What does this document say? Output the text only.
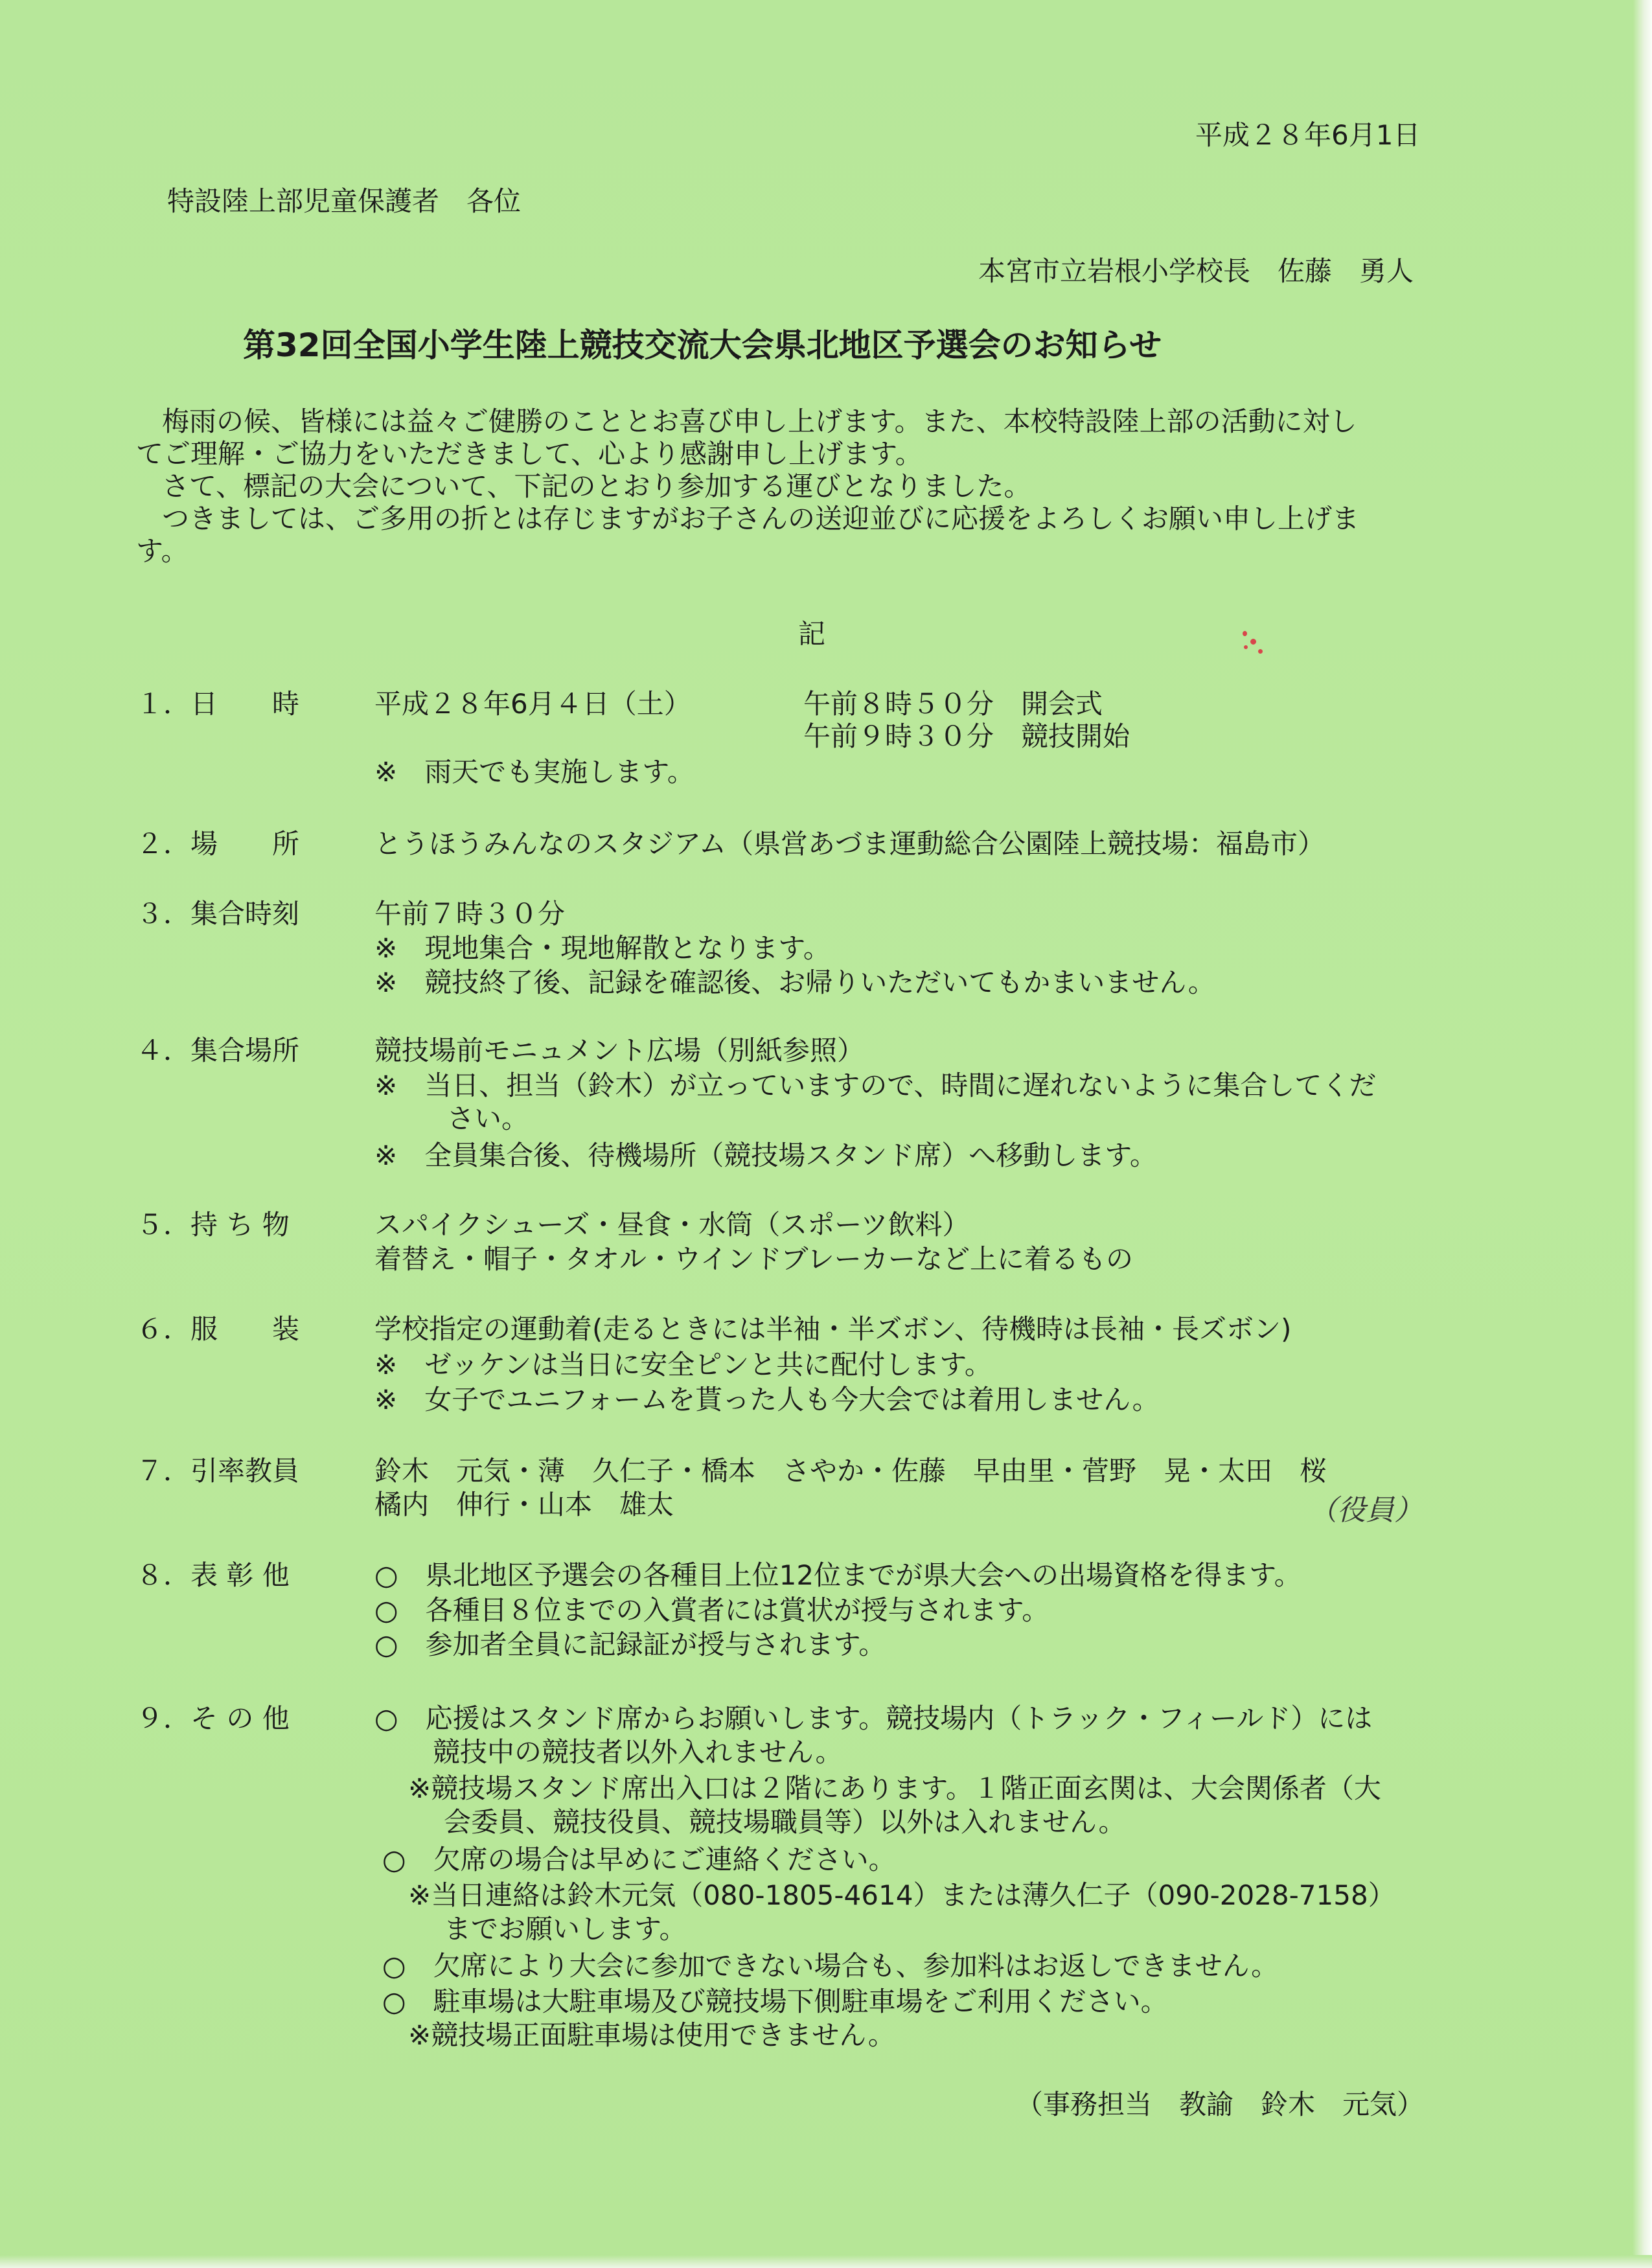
平成２８年6月1日
特設陸上部児童保護者　各位
本宮市立岩根小学校長　佐藤　勇人
第32回全国小学生陸上競技交流大会県北地区予選会のお知らせ
梅雨の候、皆様には益々ご健勝のこととお喜び申し上げます。また、本校特設陸上部の活動に対し
てご理解・ご協力をいただきまして、心より感謝申し上げます。
さて、標記の大会について、下記のとおり参加する運びとなりました。
つきましては、ご多用の折とは存じますがお子さんの送迎並びに応援をよろしくお願い申し上げま
す。
記
１．日　　時	平成２８年6月４日（土）	午前８時５０分　開会式
午前９時３０分　競技開始
※　雨天でも実施します。
２．場　　所	とうほうみんなのスタジアム（県営あづま運動総合公園陸上競技場：福島市）
３．集合時刻	午前７時３０分
※　現地集合・現地解散となります。
※　競技終了後、記録を確認後、お帰りいただいてもかまいません。
４．集合場所	競技場前モニュメント広場（別紙参照）
※　当日、担当（鈴木）が立っていますので、時間に遅れないように集合してくだ
さい。
※　全員集合後、待機場所（競技場スタンド席）へ移動します。
５．持 ち 物	スパイクシューズ・昼食・水筒（スポーツ飲料）
着替え・帽子・タオル・ウインドブレーカーなど上に着るもの
６．服　　装	学校指定の運動着(走るときには半袖・半ズボン、待機時は長袖・長ズボン)
※　ゼッケンは当日に安全ピンと共に配付します。
※　女子でユニフォームを貰った人も今大会では着用しません。
７．引率教員	鈴木　元気・薄　久仁子・橋本　さやか・佐藤　早由里・菅野　晃・太田　桜
橘内　伸行・山本　雄太	（役員）
８．表 彰 他	○　県北地区予選会の各種目上位12位までが県大会への出場資格を得ます。
○　各種目８位までの入賞者には賞状が授与されます。
○　参加者全員に記録証が授与されます。
９．そ の 他	○　応援はスタンド席からお願いします。競技場内（トラック・フィールド）には
競技中の競技者以外入れません。
※競技場スタンド席出入口は２階にあります。１階正面玄関は、大会関係者（大
会委員、競技役員、競技場職員等）以外は入れません。
○　欠席の場合は早めにご連絡ください。
※当日連絡は鈴木元気（080-1805-4614）または薄久仁子（090-2028-7158）
までお願いします。
○　欠席により大会に参加できない場合も、参加料はお返しできません。
○　駐車場は大駐車場及び競技場下側駐車場をご利用ください。
※競技場正面駐車場は使用できません。
（事務担当　教諭　鈴木　元気）
